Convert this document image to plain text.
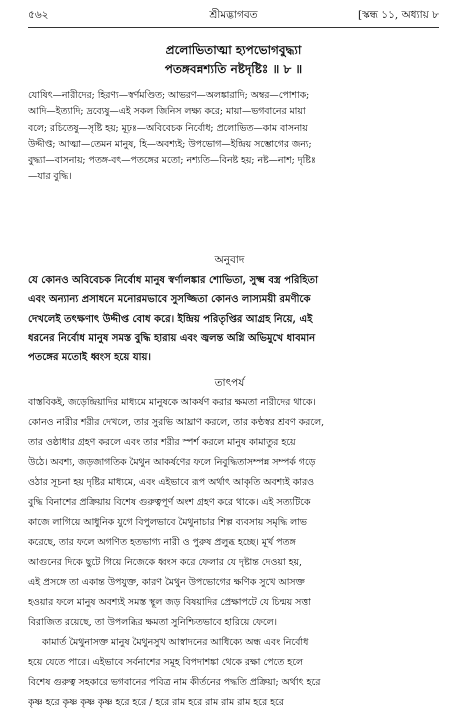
৫৬২	শ্রীমদ্ভাগবত	[স্কন্ধ ১১, অধ্যায় ৮
প্রলোভিতাত্মা হ্যপভোগবুদ্ধ্যা
পতঙ্গবন্নশ্যতি নষ্টদৃষ্টিঃ ॥ ৮ ॥
যোষিৎ—নারীদের; হিরণ্য—স্বর্ণমণ্ডিত; আভরণ—অলঙ্কারাদি; অম্বর—পোশাক;
আদি—ইত্যাদি; দ্রব্যেষু—এই সকল জিনিস লক্ষ্য করে; মায়া—ভগবানের মায়া
বলে; রচিতেষু—সৃষ্টি হয়; মূঢ়ঃ—অবিবেচক নির্বোধ; প্রলোভিত—কাম বাসনায়
উদ্দীপ্ত; আত্মা—তেমন মানুষ, হি—অবশ্যই; উপভোগ—ইন্দ্রিয় সম্ভোগের জন্য;
বুদ্ধ্যা—বাসনায়; পতঙ্গ-বৎ—পতঙ্গের মতো; নশ্যতি—বিনষ্ট হয়; নষ্ট—নাশ; দৃষ্টিঃ
—যার বুদ্ধি।
অনুবাদ
যে কোনও অবিবেচক নির্বোধ মানুষ স্বর্ণালঙ্কার শোভিতা, সুক্ষ্ম বস্ত্র পরিহিতা
এবং অন্যান্য প্রসাধনে মনোরমভাবে সুসজ্জিতা কোনও লাস্যময়ী রমণীকে
দেখলেই তৎক্ষণাৎ উদ্দীপ্ত বোধ করে। ইন্দ্রিয় পরিতৃপ্তির আগ্রহ নিয়ে, এই
ধরনের নির্বোধ মানুষ সমস্ত বুদ্ধি হারায় এবং জ্বলন্ত অগ্নি অভিমুখে ধাবমান
পতঙ্গের মতোই ধ্বংস হয়ে যায়।
তাৎপর্য
বাস্তবিকই, জড়েন্দ্রিয়াদির মাধ্যমে মানুষকে আকর্ষণ করার ক্ষমতা নারীদের থাকে।
কোনও নারীর শরীর দেখলে, তার সুরভি আঘ্রাণ করলে, তার কণ্ঠস্বর শ্রবণ করলে,
তার ওষ্ঠাধার গ্রহণ করলে এবং তার শরীর স্পর্শ করলে মানুষ কামাতুর হয়ে
উঠে। অবশ্য, জড়জাগতিক মৈথুন আকর্ষণের ফলে নিবুদ্ধিতাসম্পন্ন সম্পর্ক গড়ে
ওঠার সূচনা হয় দৃষ্টির মাধ্যমে, এবং এইভাবে রূপ অর্থাৎ আকৃতি অবশ্যই কারও
বুদ্ধি বিনাশের প্রক্রিয়ায় বিশেষ গুরুত্বপূর্ণ অংশ গ্রহণ করে থাকে। এই সত্যটিকে
কাজে লাগিয়ে আধুনিক যুগে বিপুলভাবে মৈথুনাচার শিল্প ব্যবসায় সমৃদ্ধি লাভ
করেছে, তার ফলে অগণিত হতভাগ্য নারী ও পুরুষ প্রলুব্ধ হচ্ছে। মূর্খ পতঙ্গ
আগুনের দিকে ছুটে গিয়ে নিজেকে ধ্বংস করে ফেলার যে দৃষ্টান্ত দেওয়া হয়,
এই প্রসঙ্গে তা একান্ত উপযুক্ত, কারণ মৈথুন উপভোগের ক্ষণিক সুখে আসক্ত
হওয়ার ফলে মানুষ অবশ্যই সমস্ত স্থূল জড় বিষয়াদির প্রেক্ষাপটে যে চিন্ময় সত্তা
বিরাজিত রয়েছে, তা উপলব্ধির ক্ষমতা সুনিশ্চিতভাবে হারিয়ে ফেলে।
কামার্ত মৈথুনাসক্ত মানুষ মৈথুনসুখ আস্বাদনের আধিক্যে অন্ধ এবং নির্বোধ
হয়ে যেতে পারে। এইভাবে সর্বনাশের সমূহ বিপদাশঙ্কা থেকে রক্ষা পেতে হলে
বিশেষ গুরুত্ব সহকারে ভগবানের পবিত্র নাম কীর্তনের পদ্ধতি প্রক্রিয়া; অর্থাৎ হরে
কৃষ্ণ হরে কৃষ্ণ কৃষ্ণ কৃষ্ণ হরে হরে / হরে রাম হরে রাম রাম রাম হরে হরে
